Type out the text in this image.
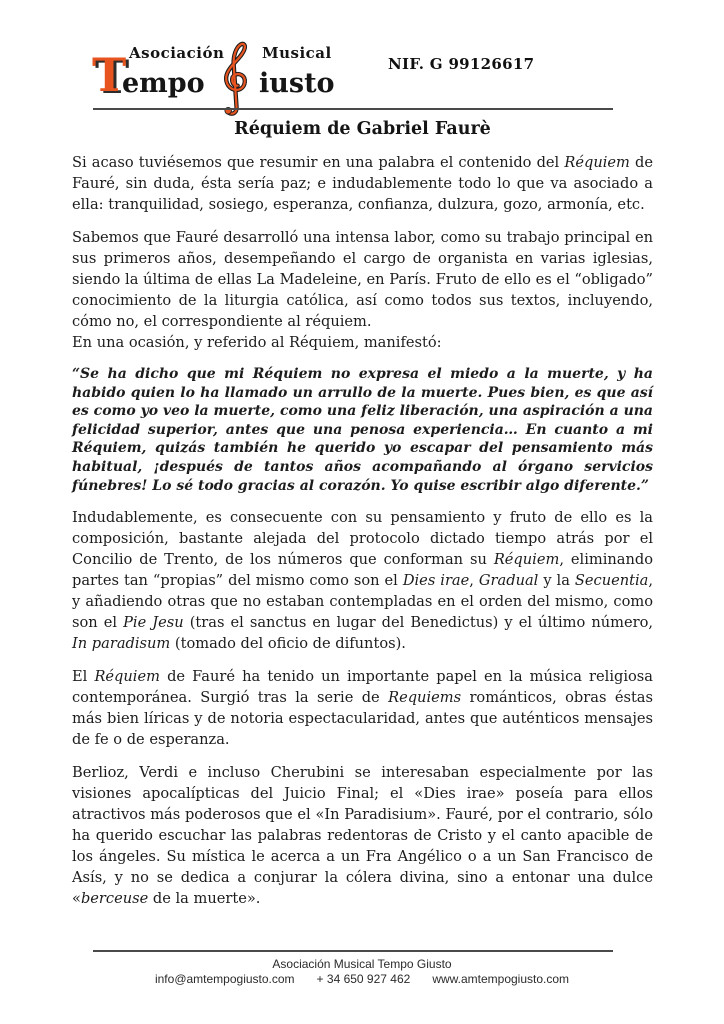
Asociación	Musical
T
empo iusto
NIF. G 99126617
Réquiem de Gabriel Faurè

Si acaso tuviésemos que resumir en una palabra el contenido del Réquiem de Fauré, sin duda, ésta sería paz; e indudablemente todo lo que va asociado a ella: tranquilidad, sosiego, esperanza, confianza, dulzura, gozo, armonía, etc.

Sabemos que Fauré desarrolló una intensa labor, como su trabajo principal en sus primeros años, desempeñando el cargo de organista en varias iglesias, siendo la última de ellas La Madeleine, en París. Fruto de ello es el “obligado” conocimiento de la liturgia católica, así como todos sus textos, incluyendo, cómo no, el correspondiente al réquiem.
En una ocasión, y referido al Réquiem, manifestó:

“Se ha dicho que mi Réquiem no expresa el miedo a la muerte, y ha habido quien lo ha llamado un arrullo de la muerte. Pues bien, es que así es como yo veo la muerte, como una feliz liberación, una aspiración a una felicidad superior, antes que una penosa experiencia… En cuanto a mi Réquiem, quizás también he querido yo escapar del pensamiento más habitual, ¡después de tantos años acompañando al órgano servicios fúnebres! Lo sé todo gracias al corazón. Yo quise escribir algo diferente.”

Indudablemente, es consecuente con su pensamiento y fruto de ello es la composición, bastante alejada del protocolo dictado tiempo atrás por el Concilio de Trento, de los números que conforman su Réquiem, eliminando partes tan “propias” del mismo como son el Dies irae, Gradual y la Secuentia, y añadiendo otras que no estaban contempladas en el orden del mismo, como son el Pie Jesu (tras el sanctus en lugar del Benedictus) y el último número, In paradisum (tomado del oficio de difuntos).

El Réquiem de Fauré ha tenido un importante papel en la música religiosa contemporánea. Surgió tras la serie de Requiems románticos, obras éstas más bien líricas y de notoria espectacularidad, antes que auténticos mensajes de fe o de esperanza.

Berlioz, Verdi e incluso Cherubini se interesaban especialmente por las visiones apocalípticas del Juicio Final; el «Dies irae» poseía para ellos atractivos más poderosos que el «In Paradisium». Fauré, por el contrario, sólo ha querido escuchar las palabras redentoras de Cristo y el canto apacible de los ángeles. Su mística le acerca a un Fra Angélico o a un San Francisco de Asís, y no se dedica a conjurar la cólera divina, sino a entonar una dulce «berceuse de la muerte».

Asociación Musical Tempo Giusto
info@amtempogiusto.com + 34 650 927 462 www.amtempogiusto.com
